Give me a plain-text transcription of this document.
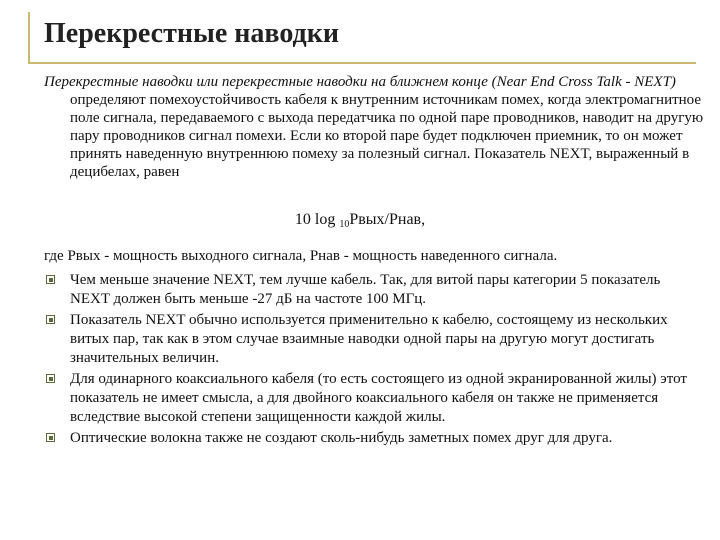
Перекрестные наводки

Перекрестные наводки или перекрестные наводки на ближнем конце (Near End Cross Talk - NEXT) определяют помехоустойчивость кабеля к внутренним источникам помех, когда электромагнитное поле сигнала, передаваемого с выхода передатчика по одной паре проводников, наводит на другую пару проводников сигнал помехи. Если ко второй паре будет подключен приемник, то он может принять наведенную внутреннюю помеху за полезный сигнал. Показатель NEXT, выраженный в децибелах, равен

10 log $_{10}$Рвых/Рнав,

где Рвых - мощность выходного сигнала, Рнав - мощность наведенного сигнала.

Чем меньше значение NEXT, тем лучше кабель. Так, для витой пары категории 5 показатель NEXT должен быть меньше -27 дБ на частоте 100 МГц.
Показатель NEXT обычно используется применительно к кабелю, состоящему из нескольких витых пар, так как в этом случае взаимные наводки одной пары на другую могут достигать значительных величин.
Для одинарного коаксиального кабеля (то есть состоящего из одной экранированной жилы) этот показатель не имеет смысла, а для двойного коаксиального кабеля он также не применяется вследствие высокой степени защищенности каждой жилы.
Оптические волокна также не создают сколь-нибудь заметных помех друг для друга.
